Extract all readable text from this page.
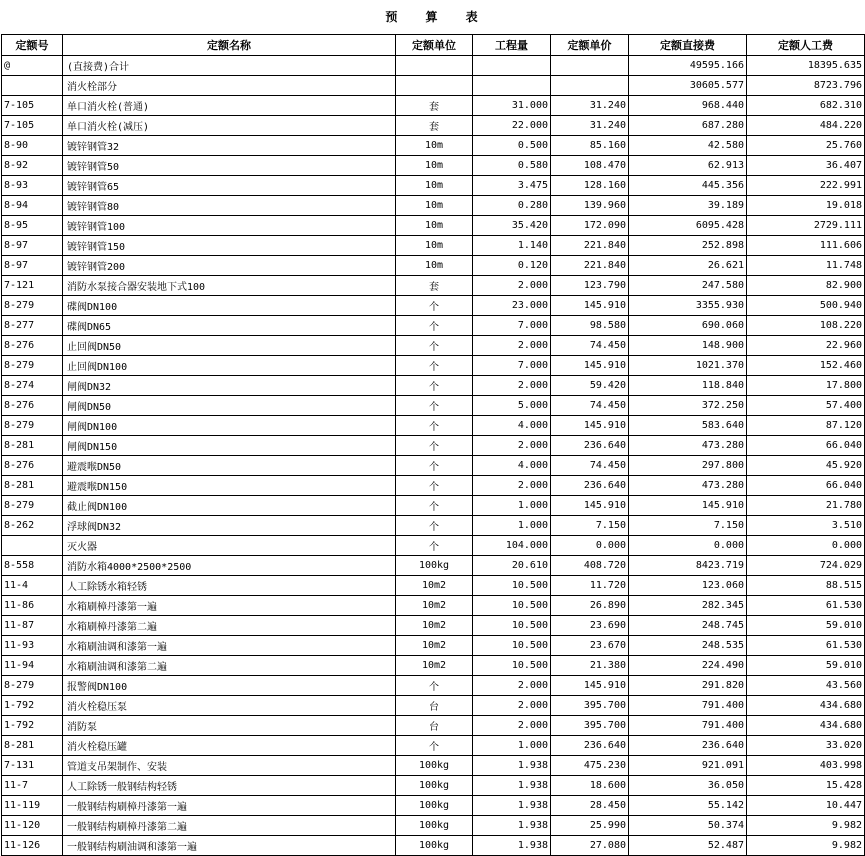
预 算 表
定额号	定额名称	定额单位	工程量	定额单价	定额直接费	定额人工费
@	(直接费)合计				49595.166	18395.635
	消火栓部分				30605.577	8723.796
7-105	单口消火栓(普通)	套	31.000	31.240	968.440	682.310
7-105	单口消火栓(减压)	套	22.000	31.240	687.280	484.220
8-90	镀锌钢管32	10m	0.500	85.160	42.580	25.760
8-92	镀锌钢管50	10m	0.580	108.470	62.913	36.407
8-93	镀锌钢管65	10m	3.475	128.160	445.356	222.991
8-94	镀锌钢管80	10m	0.280	139.960	39.189	19.018
8-95	镀锌钢管100	10m	35.420	172.090	6095.428	2729.111
8-97	镀锌钢管150	10m	1.140	221.840	252.898	111.606
8-97	镀锌钢管200	10m	0.120	221.840	26.621	11.748
7-121	消防水泵接合器安装地下式100	套	2.000	123.790	247.580	82.900
8-279	碟阀DN100	个	23.000	145.910	3355.930	500.940
8-277	碟阀DN65	个	7.000	98.580	690.060	108.220
8-276	止回阀DN50	个	2.000	74.450	148.900	22.960
8-279	止回阀DN100	个	7.000	145.910	1021.370	152.460
8-274	闸阀DN32	个	2.000	59.420	118.840	17.800
8-276	闸阀DN50	个	5.000	74.450	372.250	57.400
8-279	闸阀DN100	个	4.000	145.910	583.640	87.120
8-281	闸阀DN150	个	2.000	236.640	473.280	66.040
8-276	避震喉DN50	个	4.000	74.450	297.800	45.920
8-281	避震喉DN150	个	2.000	236.640	473.280	66.040
8-279	截止阀DN100	个	1.000	145.910	145.910	21.780
8-262	浮球阀DN32	个	1.000	7.150	7.150	3.510
	灭火器	个	104.000	0.000	0.000	0.000
8-558	消防水箱4000*2500*2500	100kg	20.610	408.720	8423.719	724.029
11-4	人工除锈水箱轻锈	10m2	10.500	11.720	123.060	88.515
11-86	水箱刷樟丹漆第一遍	10m2	10.500	26.890	282.345	61.530
11-87	水箱刷樟丹漆第二遍	10m2	10.500	23.690	248.745	59.010
11-93	水箱刷油调和漆第一遍	10m2	10.500	23.670	248.535	61.530
11-94	水箱刷油调和漆第二遍	10m2	10.500	21.380	224.490	59.010
8-279	报警阀DN100	个	2.000	145.910	291.820	43.560
1-792	消火栓稳压泵	台	2.000	395.700	791.400	434.680
1-792	消防泵	台	2.000	395.700	791.400	434.680
8-281	消火栓稳压罐	个	1.000	236.640	236.640	33.020
7-131	管道支吊架制作、安装	100kg	1.938	475.230	921.091	403.998
11-7	人工除锈一般钢结构轻锈	100kg	1.938	18.600	36.050	15.428
11-119	一般钢结构刷樟丹漆第一遍	100kg	1.938	28.450	55.142	10.447
11-120	一般钢结构刷樟丹漆第二遍	100kg	1.938	25.990	50.374	9.982
11-126	一般钢结构刷油调和漆第一遍	100kg	1.938	27.080	52.487	9.982
